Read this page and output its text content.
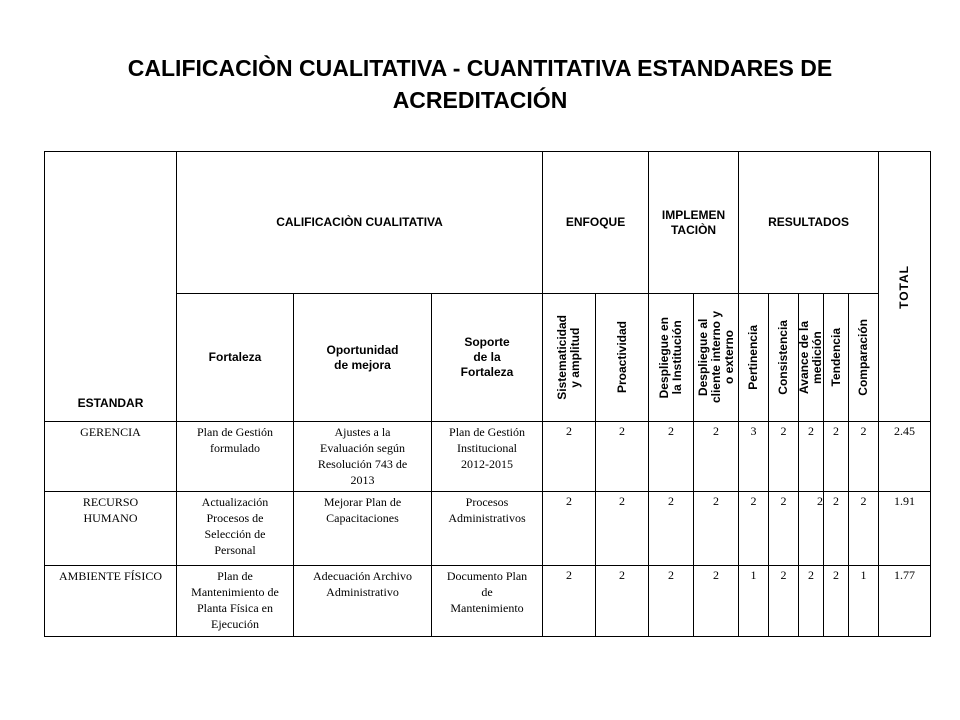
CALIFICACIÒN CUALITATIVA - CUANTITATIVA ESTANDARES DE ACREDITACIÓN
ESTANDAR	CALIFICACIÒN CUALITATIVA			ENFOQUE		IMPLEMEN
TACIÒN		RESULTADOS					TOTAL

	Fortaleza	Oportunidad
de mejora	Soporte
de la
Fortaleza	Sistematicidad
y amplitud	Proactividad	Despliegue en
la Institución	Despliegue al
cliente interno y
o externo	Pertinencia	Consistencia	Avance de la
medición	Tendencia	Comparación	

GERENCIA	Plan de Gestión
formulado	Ajustes a la
Evaluación según
Resolución 743 de
2013	Plan de Gestión
Institucional
2012-2015	2	2	2	2	3	2	2	2	2	2.45
RECURSO
HUMANO	Actualización
Procesos de
Selección de
Personal	Mejorar Plan de
Capacitaciones	Procesos
Administrativos	2	2	2	2	2	2	2	2	2	1.91
AMBIENTE FÍSICO	Plan de
Mantenimiento de
Planta Física en
Ejecución	Adecuación Archivo
Administrativo	Documento Plan
de
Mantenimiento	2	2	2	2	1	2	2	2	1	1.77
